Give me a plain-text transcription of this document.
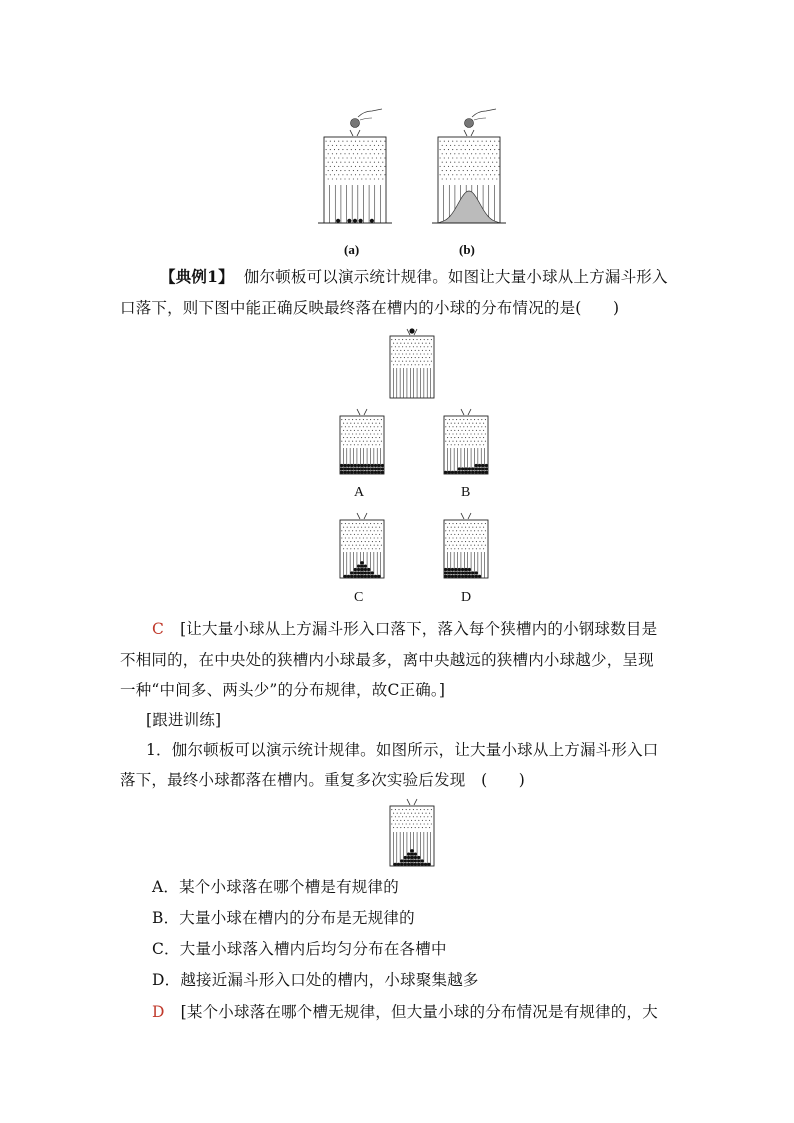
(a)	(b)
【典例1】 伽尔顿板可以演示统计规律。如图让大量小球从上方漏斗形入
口落下，则下图中能正确反映最终落在槽内的小球的分布情况的是(　　)
A	B
C	D
C [让大量小球从上方漏斗形入口落下，落入每个狭槽内的小钢球数目是
不相同的，在中央处的狭槽内小球最多，离中央越远的狭槽内小球越少，呈现
一种“中间多、两头少”的分布规律，故C正确。]
[跟进训练]
1．伽尔顿板可以演示统计规律。如图所示，让大量小球从上方漏斗形入口
落下，最终小球都落在槽内。重复多次实验后发现　(　　)
A．某个小球落在哪个槽是有规律的
B．大量小球在槽内的分布是无规律的
C．大量小球落入槽内后均匀分布在各槽中
D．越接近漏斗形入口处的槽内，小球聚集越多
D [某个小球落在哪个槽无规律，但大量小球的分布情况是有规律的，大
